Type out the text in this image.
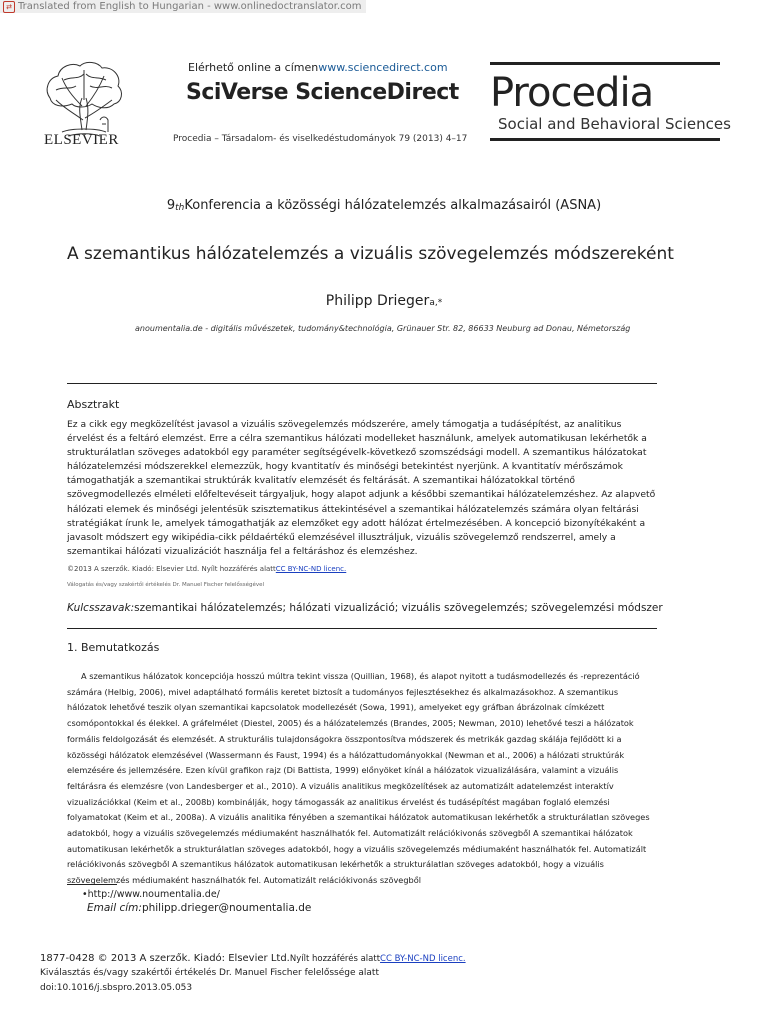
⇄ Translated from English to Hungarian - www.onlinedoctranslator.com
ELSEVIER
Elérhető online a címenwww.sciencedirect.com
SciVerse ScienceDirect
Procedia – Társadalom- és viselkedéstudományok 79 (2013) 4–17
Procedia
Social and Behavioral Sciences
9thKonferencia a közösségi hálózatelemzés alkalmazásairól (ASNA)
A szemantikus hálózatelemzés a vizuális szövegelemzés módszereként
Philipp Driegera,*
anoumentalia.de - digitális művészetek, tudomány&technológia, Grünauer Str. 82, 86633 Neuburg ad Donau, Németország
Absztrakt
Ez a cikk egy megközelítést javasol a vizuális szövegelemzés módszerére, amely támogatja a tudásépítést, az analitikus érvelést és a feltáró elemzést. Erre a célra szemantikus hálózati modelleket használunk, amelyek automatikusan lekérhetők a strukturálatlan szöveges adatokból egy paraméter segítségévelk-következő szomszédsági modell. A szemantikus hálózatokat hálózatelemzési módszerekkel elemezzük, hogy kvantitatív és minőségi betekintést nyerjünk. A kvantitatív mérőszámok támogathatják a szemantikai struktúrák kvalitatív elemzését és feltárását. A szemantikai hálózatokkal történő szövegmodellezés elméleti előfeltevéseit tárgyaljuk, hogy alapot adjunk a későbbi szemantikai hálózatelemzéshez. Az alapvető hálózati elemek és minőségi jelentésük szisztematikus áttekintésével a szemantikai hálózatelemzés számára olyan feltárási stratégiákat írunk le, amelyek támogathatják az elemzőket egy adott hálózat értelmezésében. A koncepció bizonyítékaként a javasolt módszert egy wikipédia-cikk példaértékű elemzésével illusztráljuk, vizuális szövegelemző rendszerrel, amely a szemantikai hálózati vizualizációt használja fel a feltáráshoz és elemzéshez.
©2013 A szerzők. Kiadó: Elsevier Ltd. Nyílt hozzáférés alattCC BY-NC-ND licenc.
Válogatás és/vagy szakértői értékelés Dr. Manuel Fischer felelősségével
Kulcsszavak:szemantikai hálózatelemzés; hálózati vizualizáció; vizuális szövegelemzés; szövegelemzési módszer
1. Bemutatkozás
A szemantikus hálózatok koncepciója hosszú múltra tekint vissza (Quillian, 1968), és alapot nyitott a tudásmodellezés és -reprezentáció számára (Helbig, 2006), mivel adaptálható formális keretet biztosít a tudományos fejlesztésekhez és alkalmazásokhoz. A szemantikus hálózatok lehetővé teszik olyan szemantikai kapcsolatok modellezését (Sowa, 1991), amelyeket egy gráfban ábrázolnak címkézett csomópontokkal és élekkel. A gráfelmélet (Diestel, 2005) és a hálózatelemzés (Brandes, 2005; Newman, 2010) lehetővé teszi a hálózatok formális feldolgozását és elemzését. A strukturális tulajdonságokra összpontosítva módszerek és metrikák gazdag skálája fejlődött ki a közösségi hálózatok elemzésével (Wassermann és Faust, 1994) és a hálózattudományokkal (Newman et al., 2006) a hálózati struktúrák elemzésére és jellemzésére. Ezen kívül grafikon rajz (Di Battista, 1999) előnyöket kínál a hálózatok vizualizálására, valamint a vizuális feltárásra és elemzésre (von Landesberger et al., 2010). A vizuális analitikus megközelítések az automatizált adatelemzést interaktív vizualizációkkal (Keim et al., 2008b) kombinálják, hogy támogassák az analitikus érvelést és tudásépítést magában foglaló elemzési folyamatokat (Keim et al., 2008a). A vizuális analitika fényében a szemantikai hálózatok automatikusan lekérhetők a strukturálatlan szöveges adatokból, hogy a vizuális szövegelemzés médiumaként használhatók fel. Automatizált relációkivonás szövegből A szemantikai hálózatok automatikusan lekérhetők a strukturálatlan szöveges adatokból, hogy a vizuális szövegelemzés médiumaként használhatók fel. Automatizált relációkivonás szövegből A szemantikus hálózatok automatikusan lekérhetők a strukturálatlan szöveges adatokból, hogy a vizuális szövegelemzés médiumaként használhatók fel. Automatizált relációkivonás szövegből
•http://www.noumentalia.de/
Email cím:philipp.drieger@noumentalia.de
1877-0428 © 2013 A szerzők. Kiadó: Elsevier Ltd.Nyílt hozzáférés alattCC BY-NC-ND licenc.
Kiválasztás és/vagy szakértői értékelés Dr. Manuel Fischer felelőssége alatt
doi:10.1016/j.sbspro.2013.05.053
